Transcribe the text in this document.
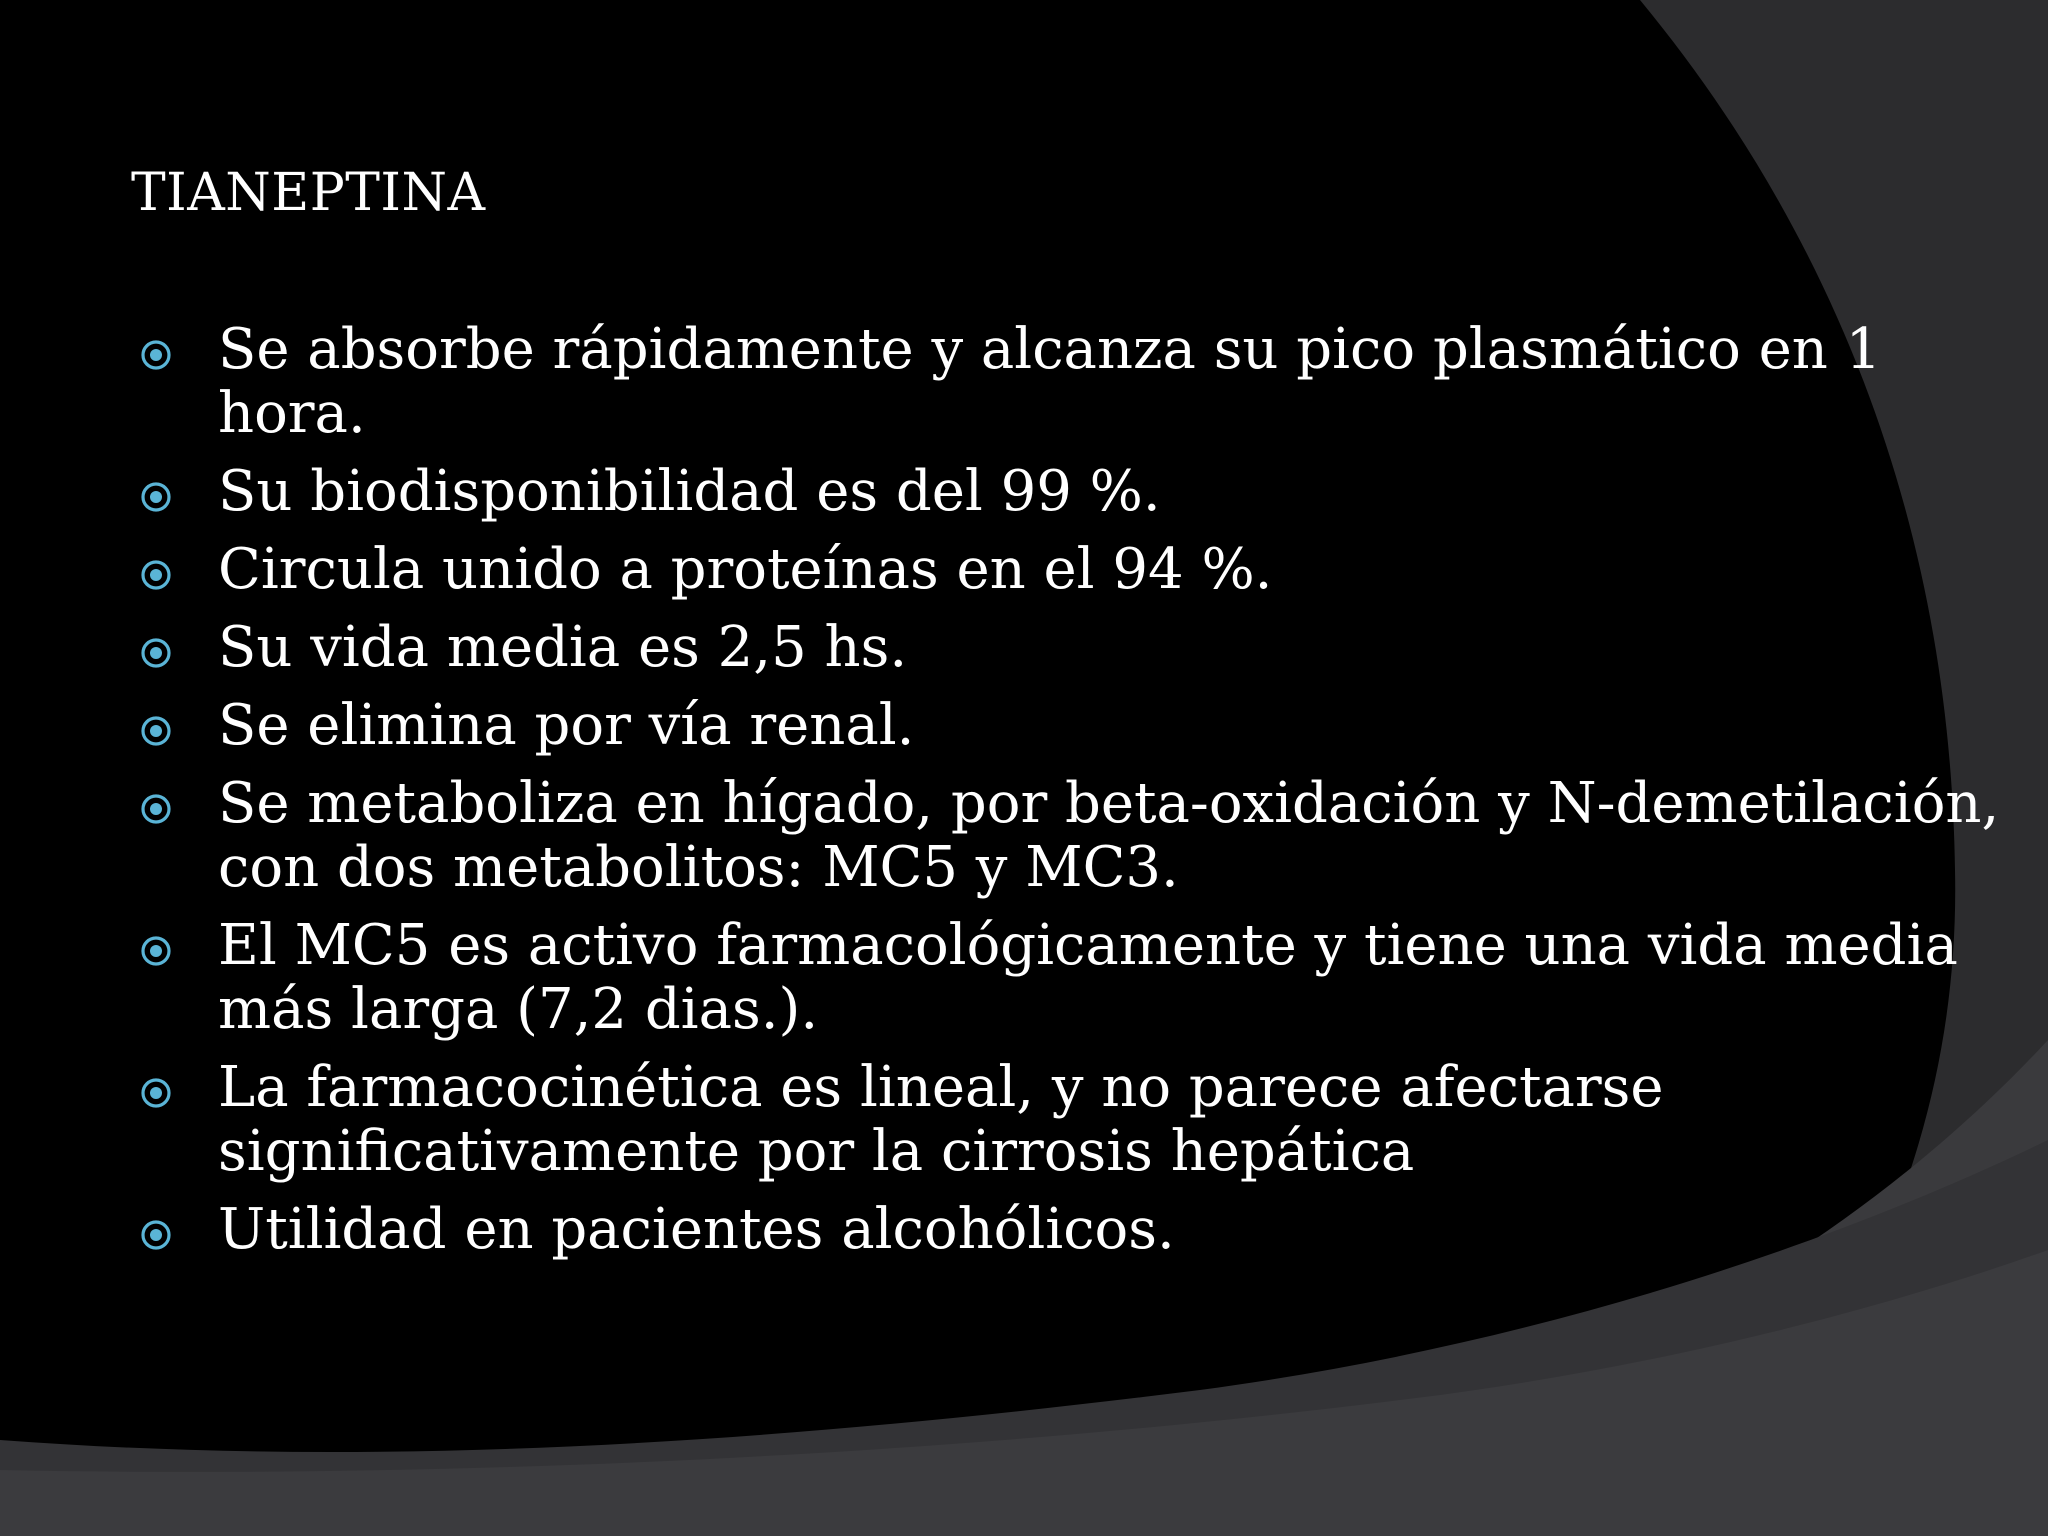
TIANEPTINA
Se absorbe rápidamente y alcanza su pico plasmático en 1 hora.
Su biodisponibilidad es del 99 %.
Circula unido a proteínas en el 94 %.
Su vida media es 2,5 hs.
Se elimina por vía renal.
Se metaboliza en hígado, por beta-oxidación y N-demetilación, con dos metabolitos: MC5 y MC3.
El MC5 es activo farmacológicamente y tiene una vida media más larga (7,2 dias.).
La farmacocinética es lineal, y no parece afectarse significativamente por la cirrosis hepática
Utilidad en pacientes alcohólicos.
